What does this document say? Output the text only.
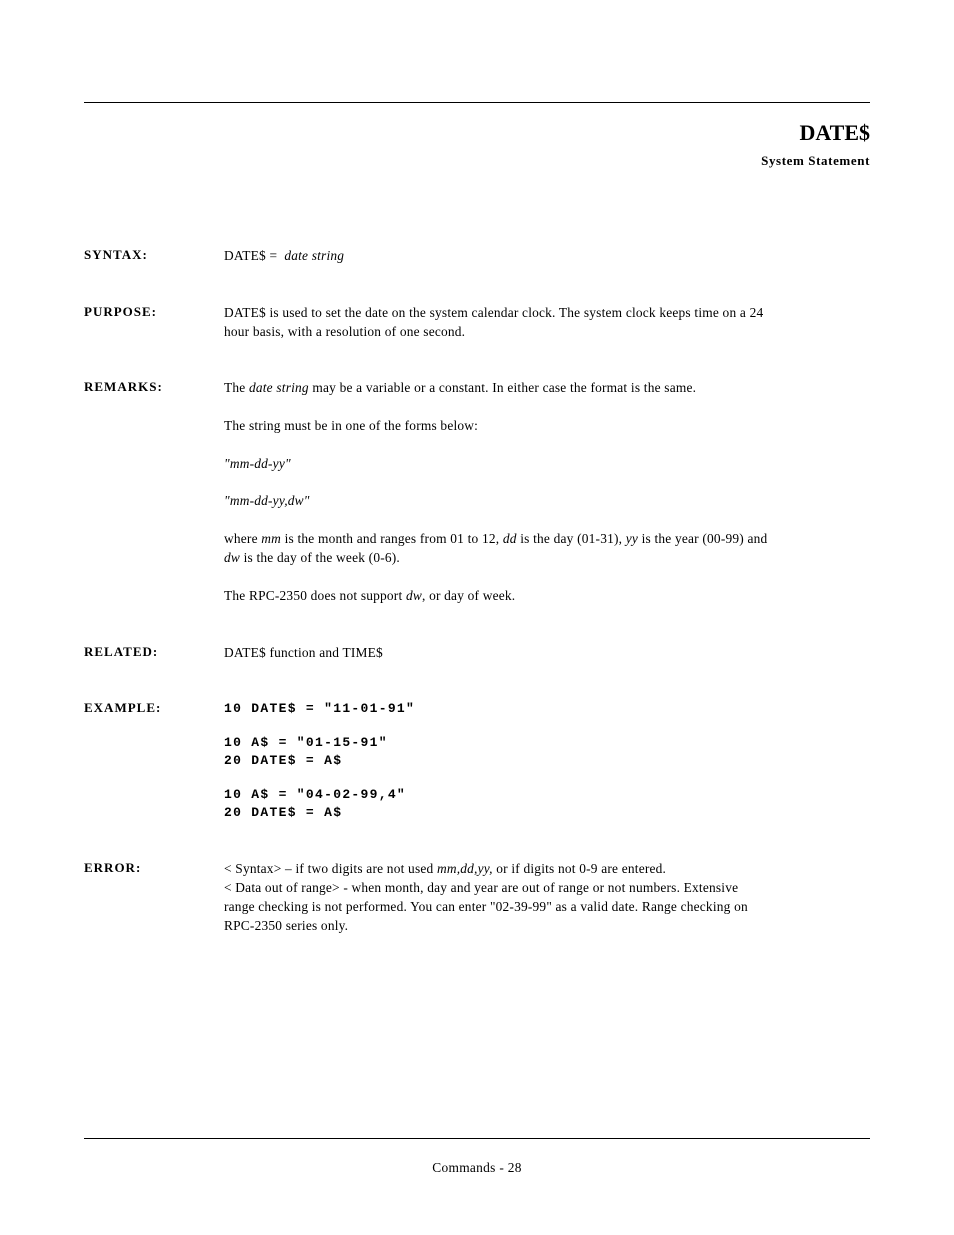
DATE$
System Statement
SYNTAX:	DATE$ = date string
PURPOSE:	DATE$ is used to set the date on the system calendar clock. The system clock keeps time on a 24

hour basis, with a resolution of one second.

REMARKS:	The date string may be a variable or a constant. In either case the format is the same.
The string must be in one of the forms below:
"mm-dd-yy"
"mm-dd-yy,dw"

where mm is the month and ranges from 01 to 12, dd is the day (01-31), yy is the year (00-99) and

dw is the day of the week (0-6).

The RPC-2350 does not support dw, or day of week.
RELATED:	DATE$ function and TIME$
EXAMPLE:	10 DATE$ = "11-01-91"
10 A$ = "01-15-91"
20 DATE$ = A$
10 A$ = "04-02-99,4"
20 DATE$ = A$
ERROR:	< Syntax> – if two digits are not used mm,dd,yy, or if digits not 0-9 are entered.

< Data out of range> - when month, day and year are out of range or not numbers. Extensive

range checking is not performed. You can enter "02-39-99" as a valid date. Range checking on

RPC-2350 series only.

Commands - 28
